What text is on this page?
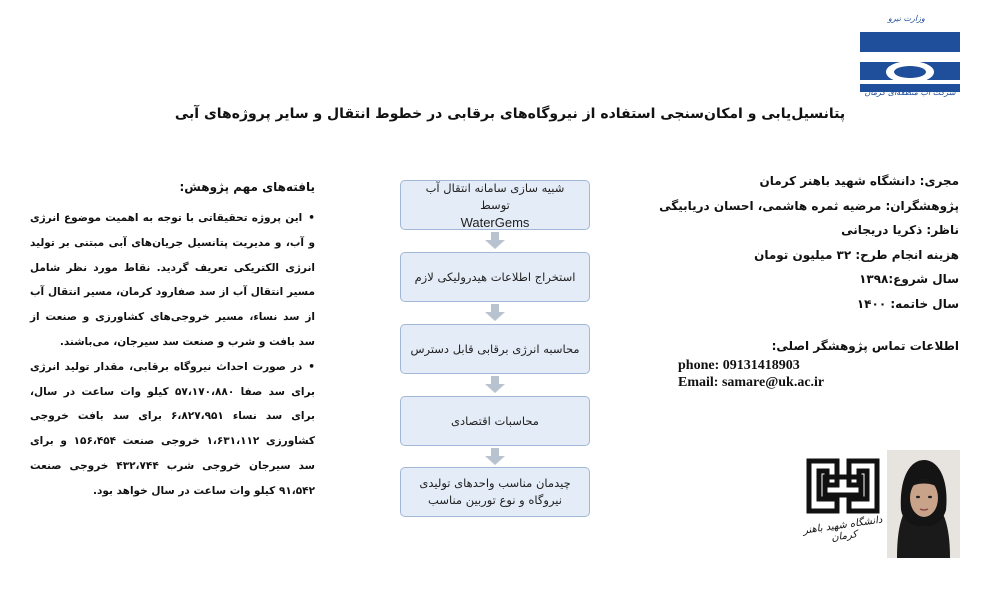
وزارت نیرو
شرکت آب منطقه‌ای کرمان
پتانسیل‌یابی و امکان‌سنجی استفاده از نیروگاه‌های برقابی در خطوط انتقال و سایر پروژه‌های آبی
مجری: دانشگاه شهید باهنر کرمان
پژوهشگران: مرضیه ثمره هاشمی، احسان دریابیگی
ناظر: ذکریا دریجانی
هزینه انجام طرح: ۳۲ میلیون تومان
سال شروع:۱۳۹۸
سال خاتمه: ۱۴۰۰
اطلاعات تماس پژوهشگر اصلی:
phone: 09131418903
Email: samare@uk.ac.ir
یافته‌های مهم پژوهش:

•این پروژه تحقیقاتی با توجه به اهمیت موضوع انرژی و آب، و مدیریت پتانسیل جریان‌های آبی مبتنی بر تولید انرژی الکتریکی تعریف گردید. نقاط مورد نظر شامل مسیر انتقال آب از سد صفارود کرمان، مسیر انتقال آب از سد نساء، مسیر خروجی‌های کشاورزی و صنعت از سد بافت و شرب و صنعت سد سیرجان، می‌باشند.

•در صورت احداث نیروگاه برقابی، مقدار تولید انرژی برای سد صفا ۵۷،۱۷۰،۸۸۰ کیلو وات ساعت در سال، برای سد نساء ۶،۸۲۷،۹۵۱ برای سد بافت خروجی کشاورزی ۱،۶۳۱،۱۱۲ خروجی صنعت ۱۵۶،۴۵۴ و برای سد سیرجان خروجی شرب ۴۳۲،۷۴۴ خروجی صنعت ۹۱،۵۴۲ کیلو وات ساعت در سال خواهد بود.

شبیه سازی سامانه انتقال آب توسط
WaterGems
استخراج اطلاعات هیدرولیکی لازم
محاسبه انرژی برقابی قابل دسترس
محاسبات اقتصادی
چیدمان مناسب واحدهای تولیدی
نیروگاه و نوع توربین مناسب
دانشگاه شهید باهنر کرمان
